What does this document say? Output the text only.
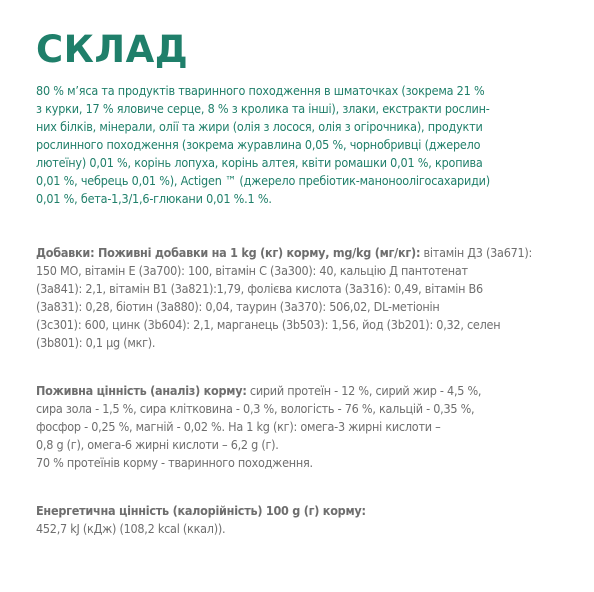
СКЛАД

80 % м’яса та продуктів тваринного походження в шматочках (зокрема 21 %
з курки, 17 % яловиче серце, 8 % з кролика та інші), злаки, екстракти рослин-
них білків, мінерали, олії та жири (олія з лосося, олія з огірочника), продукти
рослинного походження (зокрема журавлина 0,05 %, чорнобривці (джерело
лютеїну) 0,01 %, корінь лопуха, корінь алтея, квіти ромашки 0,01 %, кропива
0,01 %, чебрець 0,01 %), Actigen ™ (джерело пребіотик-маноноолігосахариди)
0,01 %, бета-1,3/1,6-глюкани 0,01 %.1 %.

Добавки: Поживні добавки на 1 kg (кг) корму, mg/kg (мг/кг): вітамін Д3 (3а671):
150 МО, вітамін Е (3а700): 100, вітамін С (3а300): 40, кальцію Д пантотенат
(3а841): 2,1, вітамін В1 (3а821):1,79, фолієва кислота (3а316): 0,49, вітамін В6
(3а831): 0,28, біотин (3а880): 0,04, таурин (3а370): 506,02, DL-метіонін
(3с301): 600, цинк (3b604): 2,1, марганець (3b503): 1,56, йод (3b201): 0,32, селен
(3b801): 0,1 µg (мкг).

Поживна цінність (аналіз) корму: сирий протеїн - 12 %, сирий жир - 4,5 %,
сира зола - 1,5 %, сира клітковина - 0,3 %, вологість - 76 %, кальцій - 0,35 %,
фосфор - 0,25 %, магній - 0,02 %. На 1 kg (кг): омега-3 жирні кислоти –
0,8 g (г), омега-6 жирні кислоти – 6,2 g (г).
70 % протеїнів корму - тваринного походження.

Енергетична цінність (калорійність) 100 g (г) корму:
452,7 kJ (кДж) (108,2 kcal (ккал)).
